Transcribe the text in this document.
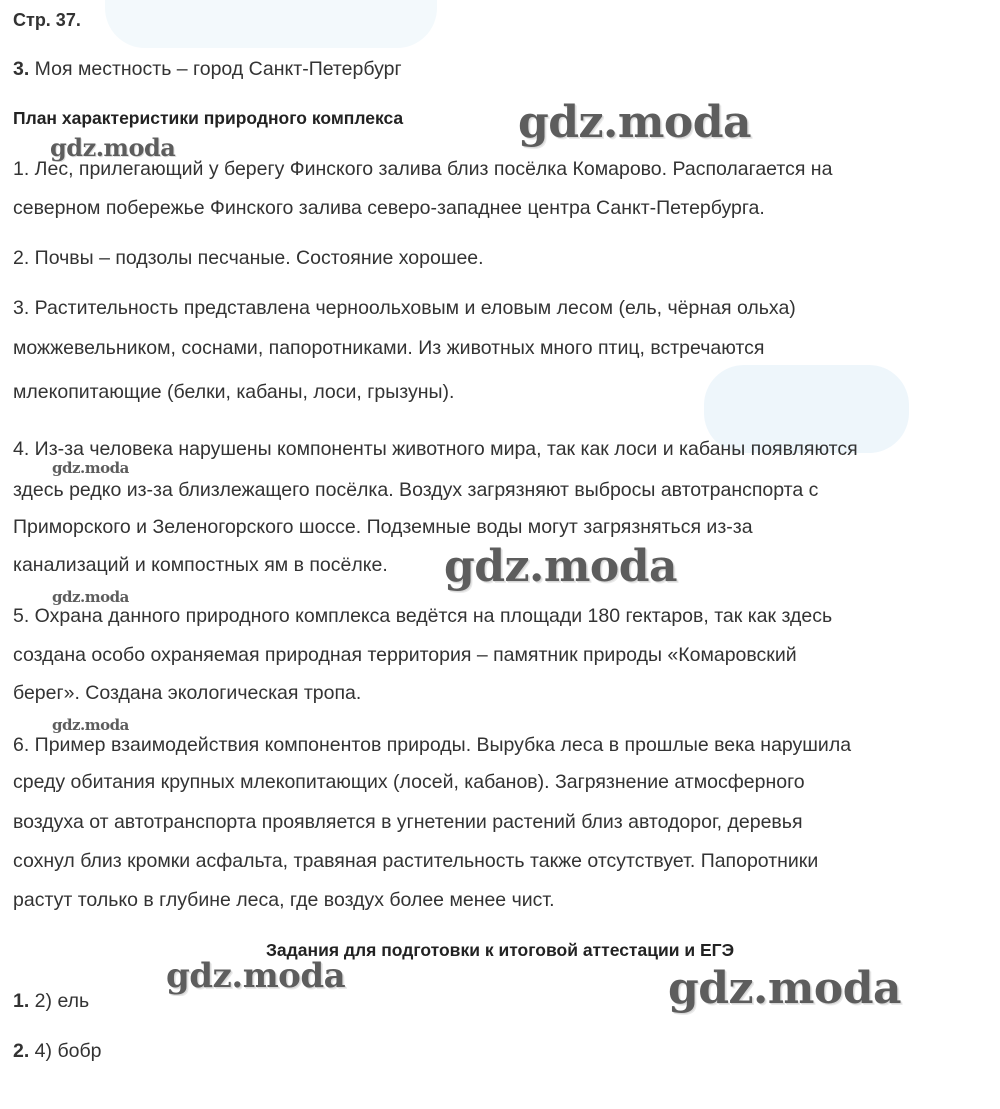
Стр. 37.
3. Моя местность – город Санкт-Петербург
План характеристики природного комплекса
1. Лес, прилегающий у берегу Финского залива близ посёлка Комарово. Располагается на
северном побережье Финского залива северо-западнее центра Санкт-Петербурга.
2. Почвы – подзолы песчаные. Состояние хорошее.
3. Растительность представлена черноольховым и еловым лесом (ель, чёрная ольха)
можжевельником, соснами, папоротниками. Из животных много птиц, встречаются
млекопитающие (белки, кабаны, лоси, грызуны).
4. Из-за человека нарушены компоненты животного мира, так как лоси и кабаны появляются
здесь редко из-за близлежащего посёлка. Воздух загрязняют выбросы автотранспорта с
Приморского и Зеленогорского шоссе. Подземные воды могут загрязняться из-за
канализаций и компостных ям в посёлке.
5. Охрана данного природного комплекса ведётся на площади 180 гектаров, так как здесь
создана особо охраняемая природная территория – памятник природы «Комаровский
берег». Создана экологическая тропа.
6. Пример взаимодействия компонентов природы. Вырубка леса в прошлые века нарушила
среду обитания крупных млекопитающих (лосей, кабанов). Загрязнение атмосферного
воздуха от автотранспорта проявляется в угнетении растений близ автодорог, деревья
сохнул близ кромки асфальта, травяная растительность также отсутствует. Папоротники
растут только в глубине леса, где воздух более менее чист.
Задания для подготовки к итоговой аттестации и ЕГЭ
1. 2) ель
2. 4) бобр
gdz.moda
gdz.moda
gdz.moda
gdz.moda
gdz.moda
gdz.moda
gdz.moda	gdz.moda
